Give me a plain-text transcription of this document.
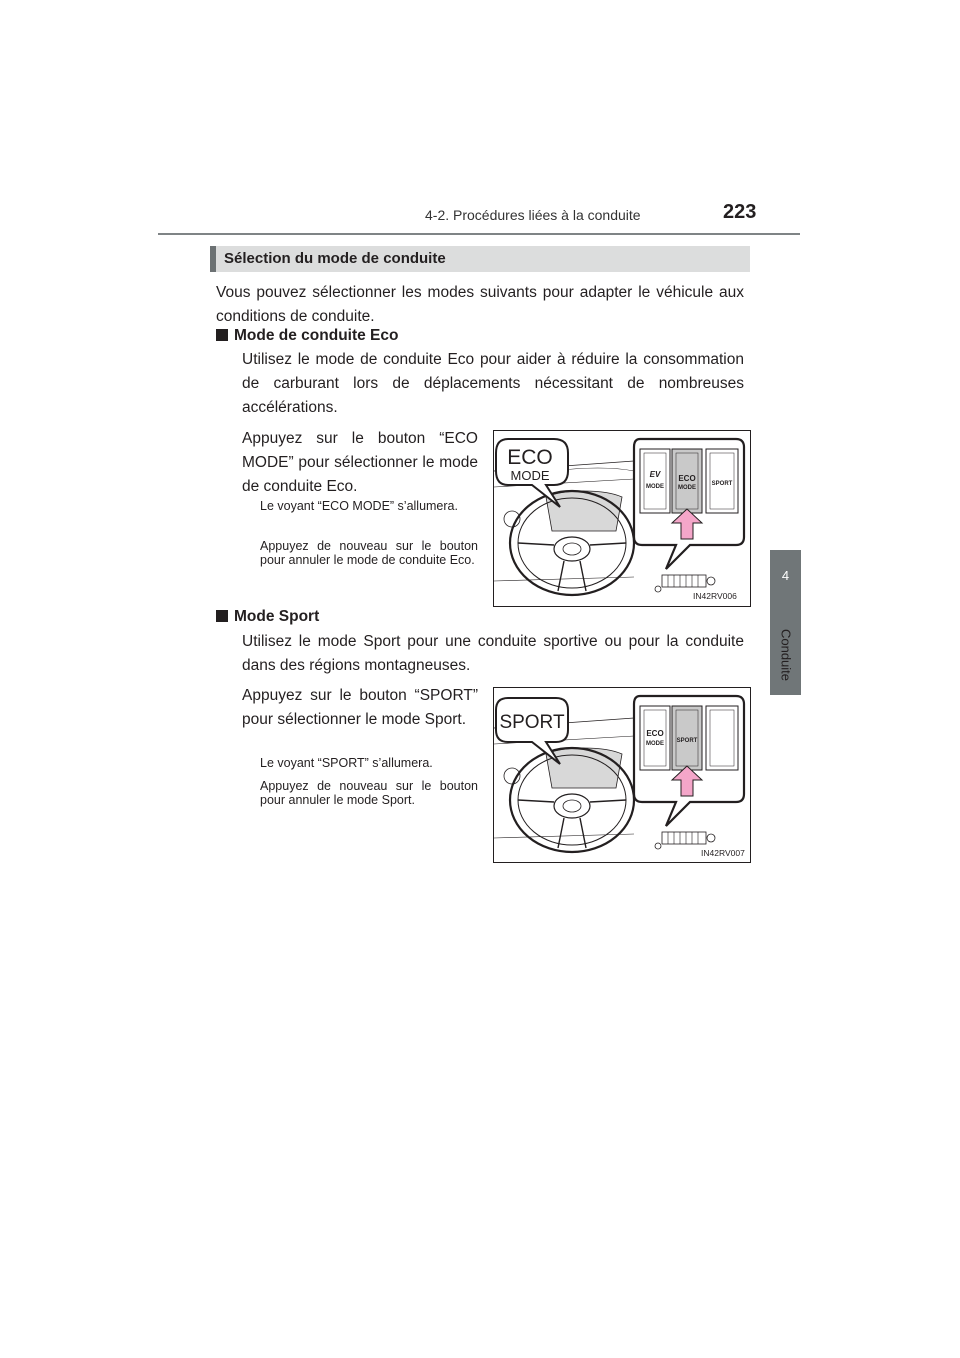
4-2. Procédures liées à la conduite	223
4
Conduite
Sélection du mode de conduite
Vous pouvez sélectionner les modes suivants pour adapter le véhicule aux conditions de conduite.
Mode de conduite Eco
Utilisez le mode de conduite Eco pour aider à réduire la consommation de carburant lors de déplacements nécessitant de nombreuses accélérations.
Appuyez sur le bouton “ECO MODE” pour sélectionner le mode de conduite Eco.
Le voyant “ECO MODE” s’allumera.
Appuyez de nouveau sur le bouton pour annuler le mode de conduite Eco.
ECO
MODE	EV
MODE
ECO
MODE
SPORT
IN42RV006
Mode Sport
Utilisez le mode Sport pour une conduite sportive ou pour la conduite dans des régions montagneuses.
Appuyez sur le bouton “SPORT” pour sélectionner le mode Sport.
Le voyant “SPORT” s’allumera.
Appuyez de nouveau sur le bouton pour annuler le mode Sport.
SPORT
ECO
MODE SPORT
IN42RV007
